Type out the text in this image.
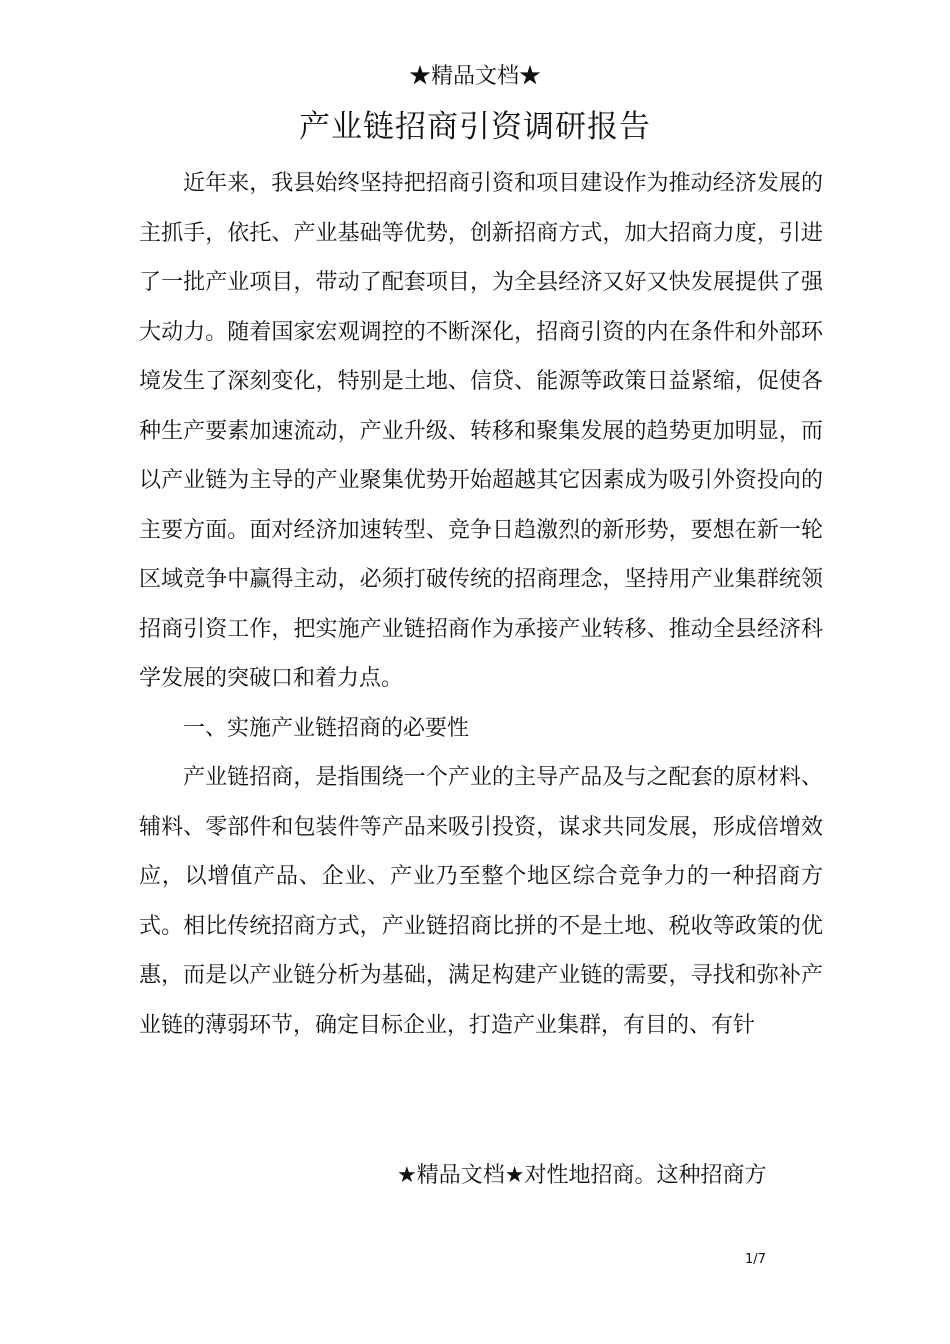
★精品文档★
产业链招商引资调研报告

近年来，我县始终坚持把招商引资和项目建设作为推动经济发展的主抓手，依托、产业基础等优势，创新招商方式，加大招商力度，引进了一批产业项目，带动了配套项目，为全县经济又好又快发展提供了强大动力。随着国家宏观调控的不断深化，招商引资的内在条件和外部环境发生了深刻变化，特别是土地、信贷、能源等政策日益紧缩，促使各种生产要素加速流动，产业升级、转移和聚集发展的趋势更加明显，而以产业链为主导的产业聚集优势开始超越其它因素成为吸引外资投向的主要方面。面对经济加速转型、竞争日趋激烈的新形势，要想在新一轮区域竞争中赢得主动，必须打破传统的招商理念，坚持用产业集群统领招商引资工作，把实施产业链招商作为承接产业转移、推动全县经济科学发展的突破口和着力点。

一、实施产业链招商的必要性

产业链招商，是指围绕一个产业的主导产品及与之配套的原材料、辅料、零部件和包装件等产品来吸引投资，谋求共同发展，形成倍增效应，以增值产品、企业、产业乃至整个地区综合竞争力的一种招商方式。相比传统招商方式，产业链招商比拼的不是土地、税收等政策的优惠，而是以产业链分析为基础，满足构建产业链的需要，寻找和弥补产业链的薄弱环节，确定目标企业，打造产业集群，有目的、有针

★精品文档★对性地招商。这种招商方
1/7
